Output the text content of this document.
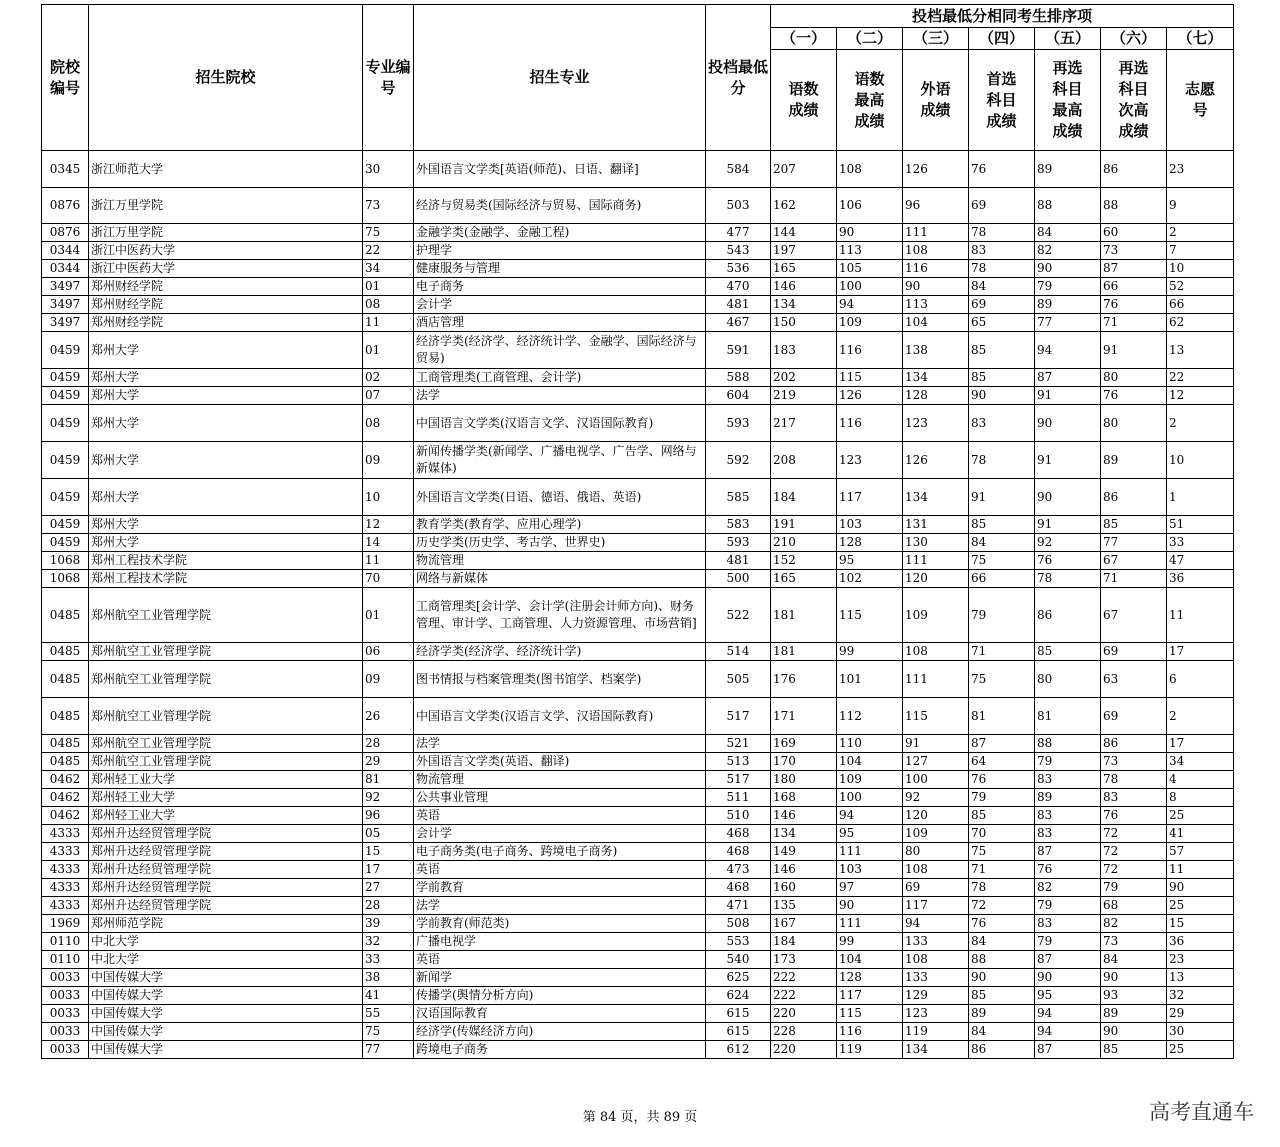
院校编号	招生院校	专业编号	招生专业	投档最低分	投档最低分相同考生排序项						
					（一）	（二）	（三）	（四）	（五）	（六）	（七）
					语数成绩	语数最高成绩	外语成绩	首选科目成绩	再选科目最高成绩	再选科目次高成绩	志愿号
0345	浙江师范大学	30	外国语言文学类[英语(师范)、日语、翻译]	584	207	108	126	76	89	86	23
0876	浙江万里学院	73	经济与贸易类(国际经济与贸易、国际商务)	503	162	106	96	69	88	88	9
0876	浙江万里学院	75	金融学类(金融学、金融工程)	477	144	90	111	78	84	60	2
0344	浙江中医药大学	22	护理学	543	197	113	108	83	82	73	7
0344	浙江中医药大学	34	健康服务与管理	536	165	105	116	78	90	87	10
3497	郑州财经学院	01	电子商务	470	146	100	90	84	79	66	52
3497	郑州财经学院	08	会计学	481	134	94	113	69	89	76	66
3497	郑州财经学院	11	酒店管理	467	150	109	104	65	77	71	62
0459	郑州大学	01	经济学类(经济学、经济统计学、金融学、国际经济与贸易)	591	183	116	138	85	94	91	13
0459	郑州大学	02	工商管理类(工商管理、会计学)	588	202	115	134	85	87	80	22
0459	郑州大学	07	法学	604	219	126	128	90	91	76	12
0459	郑州大学	08	中国语言文学类(汉语言文学、汉语国际教育)	593	217	116	123	83	90	80	2
0459	郑州大学	09	新闻传播学类(新闻学、广播电视学、广告学、网络与新媒体)	592	208	123	126	78	91	89	10
0459	郑州大学	10	外国语言文学类(日语、德语、俄语、英语)	585	184	117	134	91	90	86	1
0459	郑州大学	12	教育学类(教育学、应用心理学)	583	191	103	131	85	91	85	51
0459	郑州大学	14	历史学类(历史学、考古学、世界史)	593	210	128	130	84	92	77	33
1068	郑州工程技术学院	11	物流管理	481	152	95	111	75	76	67	47
1068	郑州工程技术学院	70	网络与新媒体	500	165	102	120	66	78	71	36
0485	郑州航空工业管理学院	01	工商管理类[会计学、会计学(注册会计师方向)、财务管理、审计学、工商管理、人力资源管理、市场营销]	522	181	115	109	79	86	67	11
0485	郑州航空工业管理学院	06	经济学类(经济学、经济统计学)	514	181	99	108	71	85	69	17
0485	郑州航空工业管理学院	09	图书情报与档案管理类(图书馆学、档案学)	505	176	101	111	75	80	63	6
0485	郑州航空工业管理学院	26	中国语言文学类(汉语言文学、汉语国际教育)	517	171	112	115	81	81	69	2
0485	郑州航空工业管理学院	28	法学	521	169	110	91	87	88	86	17
0485	郑州航空工业管理学院	29	外国语言文学类(英语、翻译)	513	170	104	127	64	79	73	34
0462	郑州轻工业大学	81	物流管理	517	180	109	100	76	83	78	4
0462	郑州轻工业大学	92	公共事业管理	511	168	100	92	79	89	83	8
0462	郑州轻工业大学	96	英语	510	146	94	120	85	83	76	25
4333	郑州升达经贸管理学院	05	会计学	468	134	95	109	70	83	72	41
4333	郑州升达经贸管理学院	15	电子商务类(电子商务、跨境电子商务)	468	149	111	80	75	87	72	57
4333	郑州升达经贸管理学院	17	英语	473	146	103	108	71	76	72	11
4333	郑州升达经贸管理学院	27	学前教育	468	160	97	69	78	82	79	90
4333	郑州升达经贸管理学院	28	法学	471	135	90	117	72	79	68	25
1969	郑州师范学院	39	学前教育(师范类)	508	167	111	94	76	83	82	15
0110	中北大学	32	广播电视学	553	184	99	133	84	79	73	36
0110	中北大学	33	英语	540	173	104	108	88	87	84	23
0033	中国传媒大学	38	新闻学	625	222	128	133	90	90	90	13
0033	中国传媒大学	41	传播学(舆情分析方向)	624	222	117	129	85	95	93	32
0033	中国传媒大学	55	汉语国际教育	615	220	115	123	89	94	89	29
0033	中国传媒大学	75	经济学(传媒经济方向)	615	228	116	119	84	94	90	30
0033	中国传媒大学	77	跨境电子商务	612	220	119	134	86	87	85	25
第 84 页，共 89 页	高考直通车
